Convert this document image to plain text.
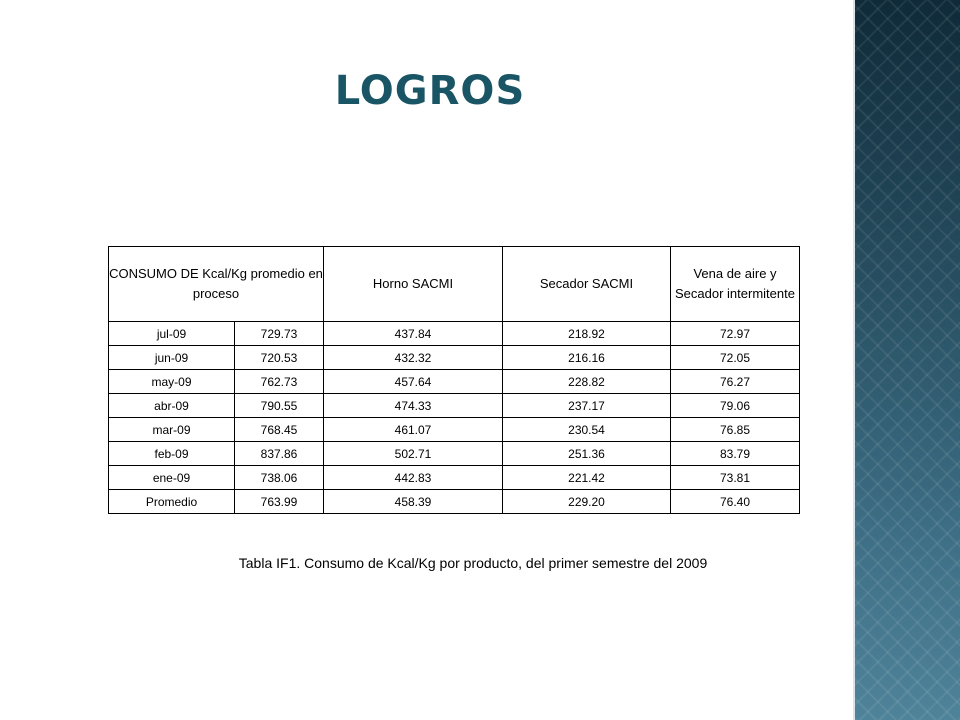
LOGROS
CONSUMO DE Kcal/Kg promedio en proceso		Horno SACMI	Secador SACMI	Vena de aire y Secador intermitente
jul-09	729.73	437.84	218.92	72.97
jun-09	720.53	432.32	216.16	72.05
may-09	762.73	457.64	228.82	76.27
abr-09	790.55	474.33	237.17	79.06
mar-09	768.45	461.07	230.54	76.85
feb-09	837.86	502.71	251.36	83.79
ene-09	738.06	442.83	221.42	73.81
Promedio	763.99	458.39	229.20	76.40

Tabla IF1. Consumo de Kcal/Kg por producto, del primer semestre del 2009
